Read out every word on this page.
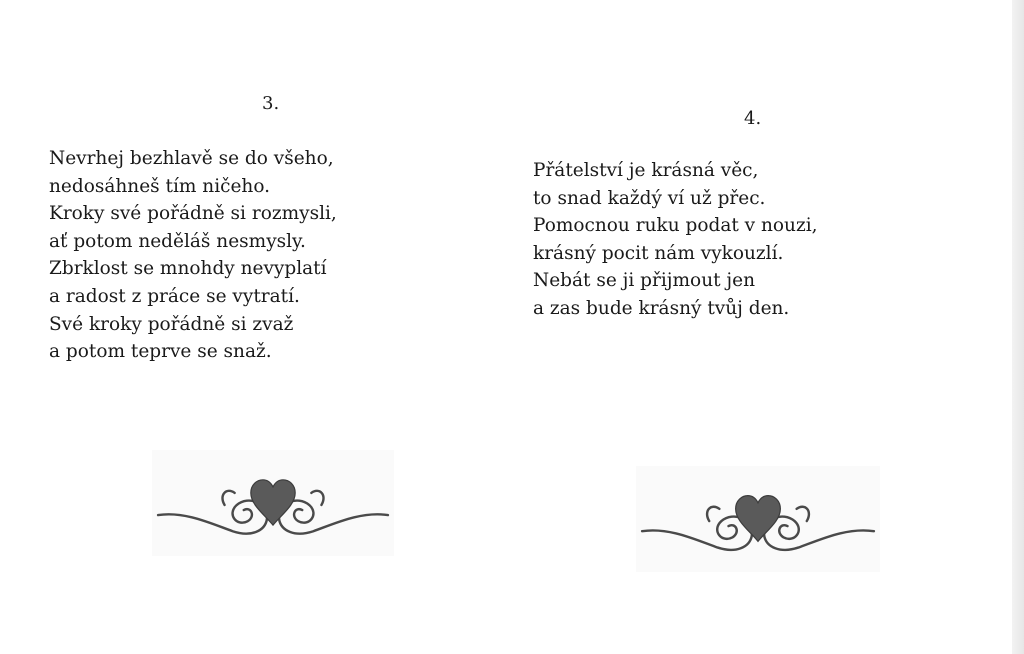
3.
Nevrhej bezhlavě se do všeho,
nedosáhneš tím ničeho.
Kroky své pořádně si rozmysli,
ať potom neděláš nesmysly.
Zbrklost se mnohdy nevyplatí
a radost z práce se vytratí.
Své kroky pořádně si zvaž
a potom teprve se snaž.
4.
Přátelství je krásná věc,
to snad každý ví už přec.
Pomocnou ruku podat v nouzi,
krásný pocit nám vykouzlí.
Nebát se ji přijmout jen
a zas bude krásný tvůj den.
